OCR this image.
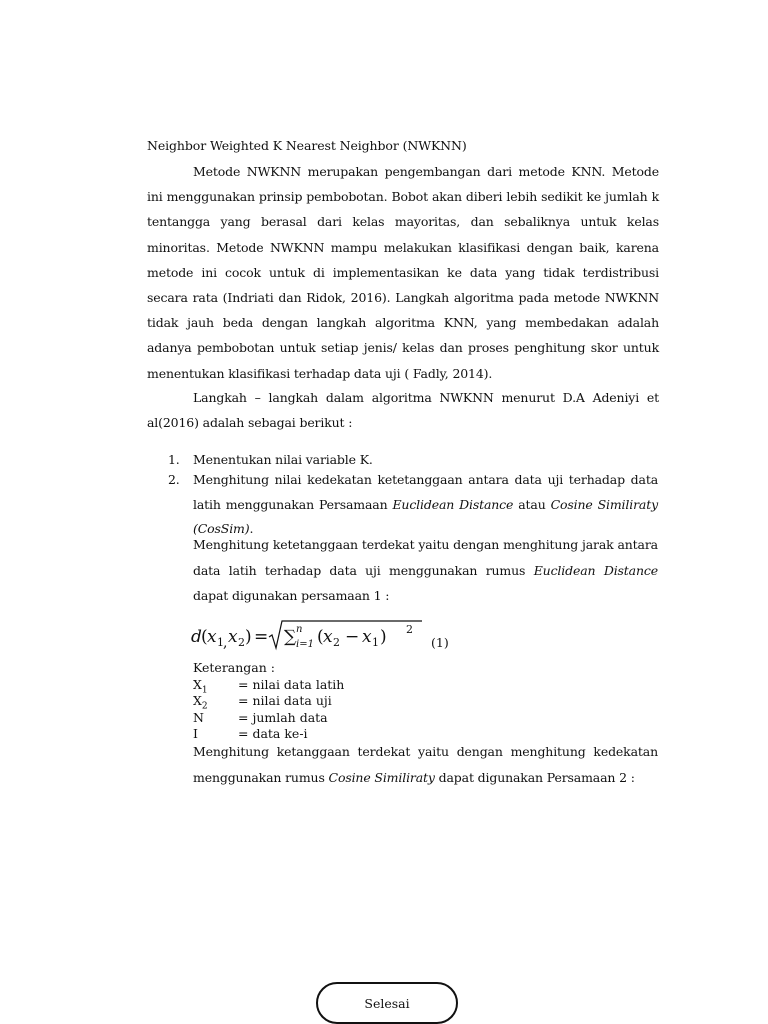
Neighbor Weighted K Nearest Neighbor (NWKNN)

Metode NWKNN merupakan pengembangan dari metode KNN. Metode ini menggunakan prinsip pembobotan. Bobot akan diberi lebih sedikit ke jumlah k tentangga yang berasal dari kelas mayoritas, dan sebaliknya untuk kelas minoritas. Metode NWKNN mampu melakukan klasifikasi dengan baik, karena metode ini cocok untuk di implementasikan ke data yang tidak terdistribusi secara rata (Indriati dan Ridok, 2016). Langkah algoritma pada metode NWKNN tidak jauh beda dengan langkah algoritma KNN, yang membedakan adalah adanya pembobotan untuk setiap jenis/ kelas dan proses penghitung skor untuk menentukan klasifikasi terhadap data uji ( Fadly, 2014).

Langkah – langkah dalam algoritma NWKNN menurut D.A Adeniyi et al(2016) adalah sebagai berikut :

1.	Menentukan nilai variable K.
2.	Menghitung nilai kedekatan ketetanggaan antara data uji terhadap data latih menggunakan Persamaan Euclidean Distance atau Cosine Similiraty (CosSim).

Menghitung ketetanggaan terdekat yaitu dengan menghitung jarak antara data latih terhadap data uji menggunakan rumus Euclidean Distance dapat digunakan persamaan 1 :

d ( x 1 , x 2 ) = ∑ n
i=1 ( x 2 − x 1 ) 2
(1)
Keterangan :
$X_1$ = nilai data latih
$X_2$ = nilai data uji
N	= jumlah data
I	= data ke-i

Menghitung ketanggaan terdekat yaitu dengan menghitung kedekatan menggunakan rumus Cosine Similiraty dapat digunakan Persamaan 2 :

Selesai
